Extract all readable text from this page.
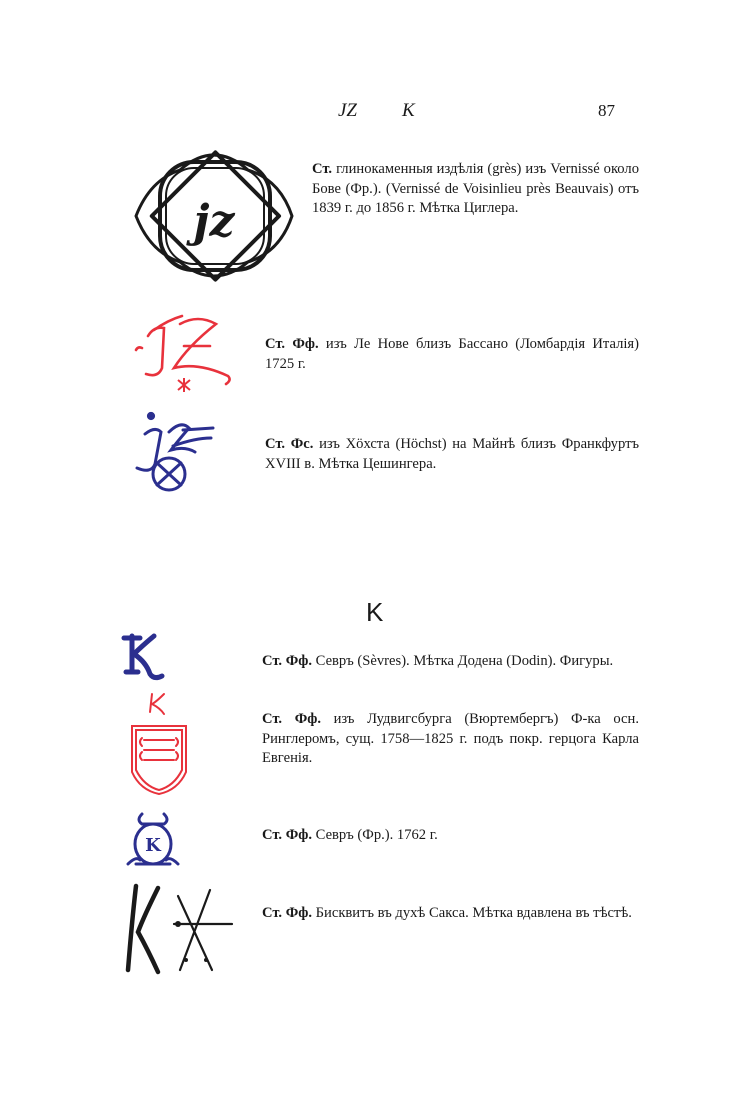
JZ K	87
jz
Ст. глинокаменныя издѣлія (grès) изъ Vernissé около Бове (Фр.). (Vernissé de Voisinlieu près Beauvais) отъ 1839 г. до 1856 г. Мѣтка Циглера.
Ст. Фф. изъ Ле Нове близъ Бассано (Ломбардія Италія) 1725 г.
Ст. Фс. изъ Хöхста (Höchst) на Майнѣ близъ Франкфуртъ XVIII в. Мѣтка Цешингера.
K
Ст. Фф. Севръ (Sèvres). Мѣтка Додена (Dodin). Фигуры.
Ст. Фф. изъ Лудвигсбурга (Вюртембергъ) Ф-ка осн. Ринглеромъ, сущ. 1758—1825 г. подъ покр. герцога Карла Евгенія.
K	Ст. Фф. Севръ (Фр.). 1762 г.
Ст. Фф. Бисквитъ въ духѣ Сакса. Мѣтка вдавлена въ тѣстѣ.
